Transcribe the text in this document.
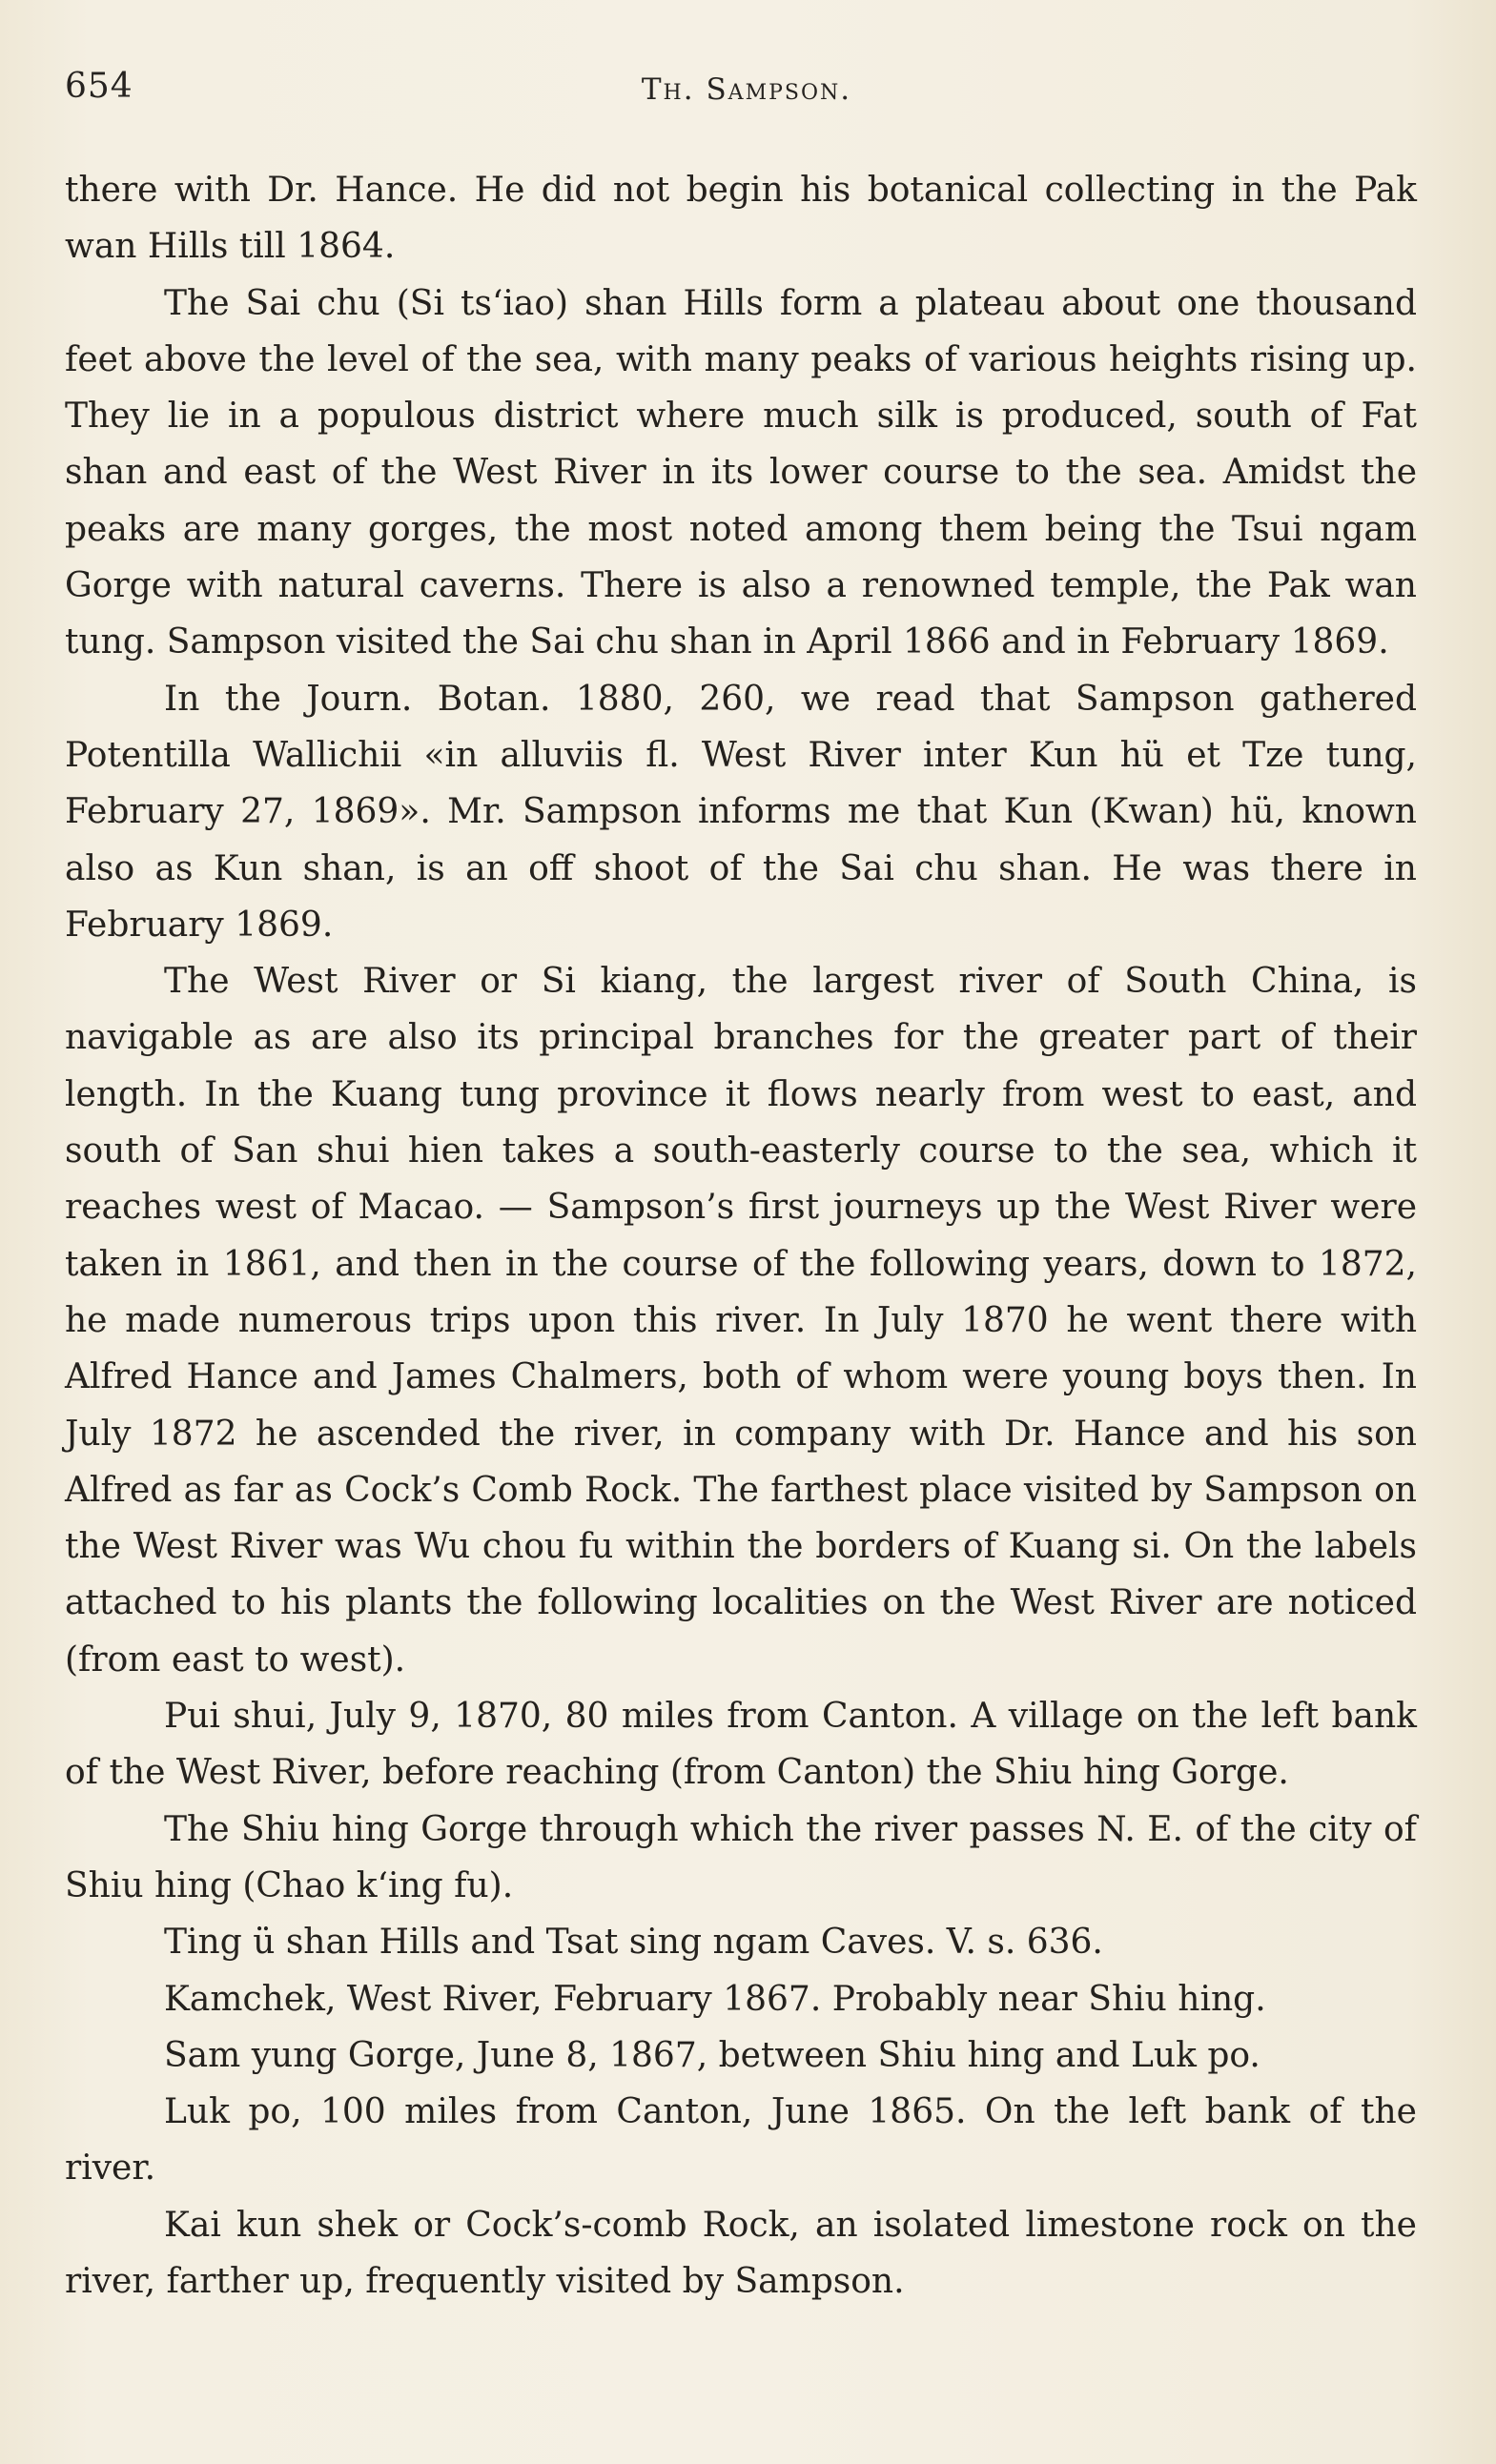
654	Th. Sampson.

there with Dr. Hance. He did not begin his botanical collecting in the Pak wan Hills till 1864.

The Sai chu (Si ts‘iao) shan Hills form a plateau about one thousand feet above the level of the sea, with many peaks of various heights rising up. They lie in a populous district where much silk is produced, south of Fat shan and east of the West River in its lower course to the sea. Amidst the peaks are many gorges, the most noted among them being the Tsui ngam Gorge with natural caverns. There is also a renowned temple, the Pak wan tung. Sampson visited the Sai chu shan in April 1866 and in February 1869.

In the Journ. Botan. 1880, 260, we read that Sampson gathered Potentilla Wallichii «in alluviis fl. West River inter Kun hü et Tze tung, February 27, 1869». Mr. Sampson informs me that Kun (Kwan) hü, known also as Kun shan, is an off shoot of the Sai chu shan. He was there in February 1869.

The West River or Si kiang, the largest river of South China, is navigable as are also its principal branches for the greater part of their length. In the Kuang tung province it flows nearly from west to east, and south of San shui hien takes a south-easterly course to the sea, which it reaches west of Macao. — Sampson’s first journeys up the West River were taken in 1861, and then in the course of the following years, down to 1872, he made numerous trips upon this river. In July 1870 he went there with Alfred Hance and James Chalmers, both of whom were young boys then. In July 1872 he ascended the river, in company with Dr. Hance and his son Alfred as far as Cock’s Comb Rock. The farthest place visited by Sampson on the West River was Wu chou fu within the borders of Kuang si. On the labels attached to his plants the following localities on the West River are noticed (from east to west).

Pui shui, July 9, 1870, 80 miles from Canton. A village on the left bank of the West River, before reaching (from Canton) the Shiu hing Gorge.

The Shiu hing Gorge through which the river passes N. E. of the city of Shiu hing (Chao k‘ing fu).

Ting ü shan Hills and Tsat sing ngam Caves. V. s. 636.

Kamchek, West River, February 1867. Probably near Shiu hing.

Sam yung Gorge, June 8, 1867, between Shiu hing and Luk po.

Luk po, 100 miles from Canton, June 1865. On the left bank of the river.

Kai kun shek or Cock’s-comb Rock, an isolated limestone rock on the river, farther up, frequently visited by Sampson.
